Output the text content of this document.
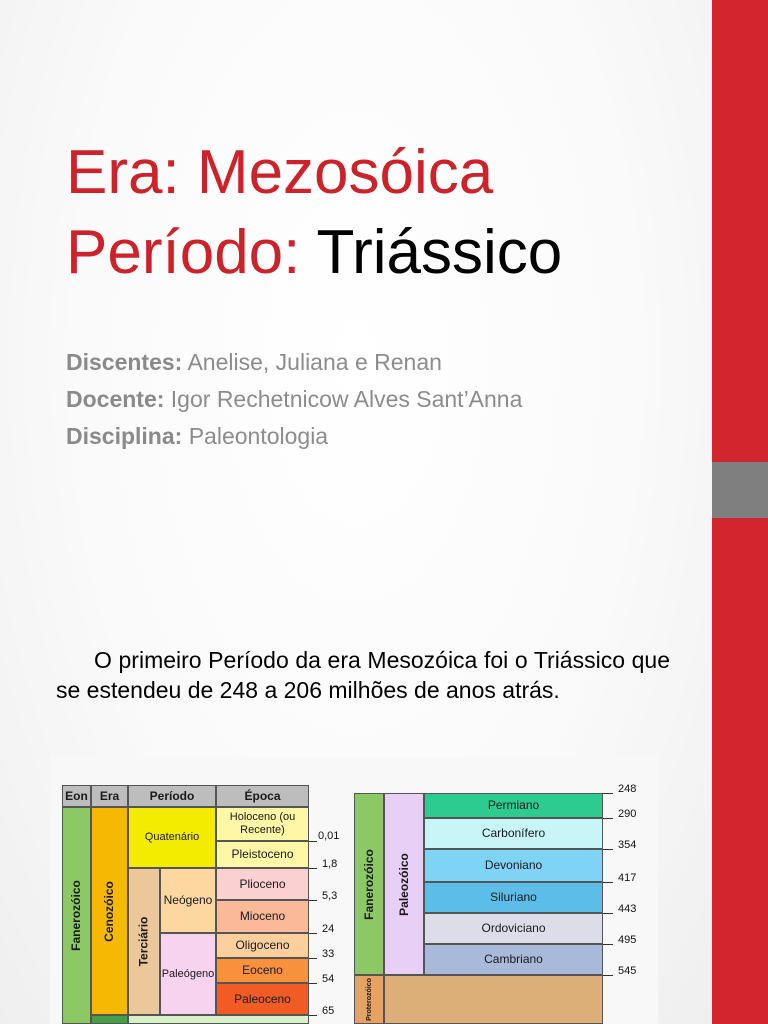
Era: Mezosóica
Período: Triássico
Discentes: Anelise, Juliana e Renan
Docente: Igor Rechetnicow Alves Sant’Anna
Disciplina: Paleontologia
O primeiro Período da era Mesozóica foi o Triássico que se estendeu de 248 a 206 milhões de anos atrás.
Eon Era	Período	Época
Fanerozóico Cenozóico
Quatenário
Terciário
Neógeno
Paleógeno
Holoceno (ou Recente)
Pleistoceno
Plioceno
Mioceno
Oligoceno
Eoceno
Paleoceno
0,01
1,8
5,3
24
33
54
65
Fanerozóico Paleozóico
Proterozóico
Permiano
Carbonífero
Devoniano
Siluriano
Ordoviciano
Cambriano
248
290
354
417
443
495
545
